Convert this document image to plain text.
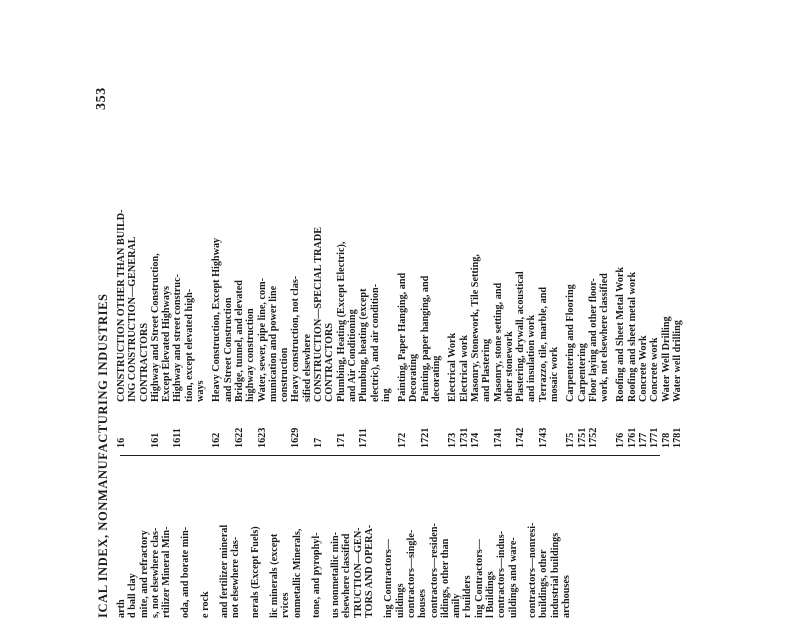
ICAL INDEX, NONMANUFACTURING INDUSTRIES
353
arth d ball clay mite, and refractory s, not elsewhere clas- rtilizer Mineral Min- oda, and borate min- e rock and fertilizer mineral not elsewhere clas- nerals (Except Fuels) lic minerals (except rvices onmetallic Minerals, tone, and pyrophyl- us nonmetallic min- elsewhere classified TRUCTION—GEN- TORS AND OPERA- ing Contractors— uildings contractors—single- houses contractors—residen- ildings, other than amily r builders ing Contractors— l Buildings contractors—indus- uildings and ware- contractors—nonresi- buildings, other industrial buildings archouses
16CONSTRUCTION OTHER THAN BUILD- ING CONSTRUCTION—GENERAL CONTRACTORS
161Highway and Street Construction, Except Elevated Highways
1611Highway and street construc- tion, except elevated high- ways
162Heavy Construction, Except Highway and Street Construction
1622Bridge, tunnel, and elevated highway construction
1623Water, sewer, pipe line, com- munication and power line construction
1629Heavy construction, not clas- sified elsewhere
17CONSTRUCTION—SPECIAL TRADE CONTRACTORS
171Plumbing, Heating (Except Electric), and Air Conditioning
1711Plumbing, heating (except electric), and air condition- ing
172Painting, Paper Hanging, and Decorating
1721Painting, paper hanging, and decorating
173Electrical Work
1731Electrical work
174Masonry, Stonework, Tile Setting, and Plastering
1741Masonry, stone setting, and other stonework
1742Plastering, drywall, acoustical and insulation work
1743Terrazzo, tile, marble, and mosaic work
175Carpentering and Flooring
1751Carpentering
1752Floor laying and other floor- work, not elsewhere classified
176Roofing and Sheet Metal Work
1761Roofing and sheet metal work
177Concrete Work
1771Concrete work
178Water Well Drilling
1781Water well drilling
